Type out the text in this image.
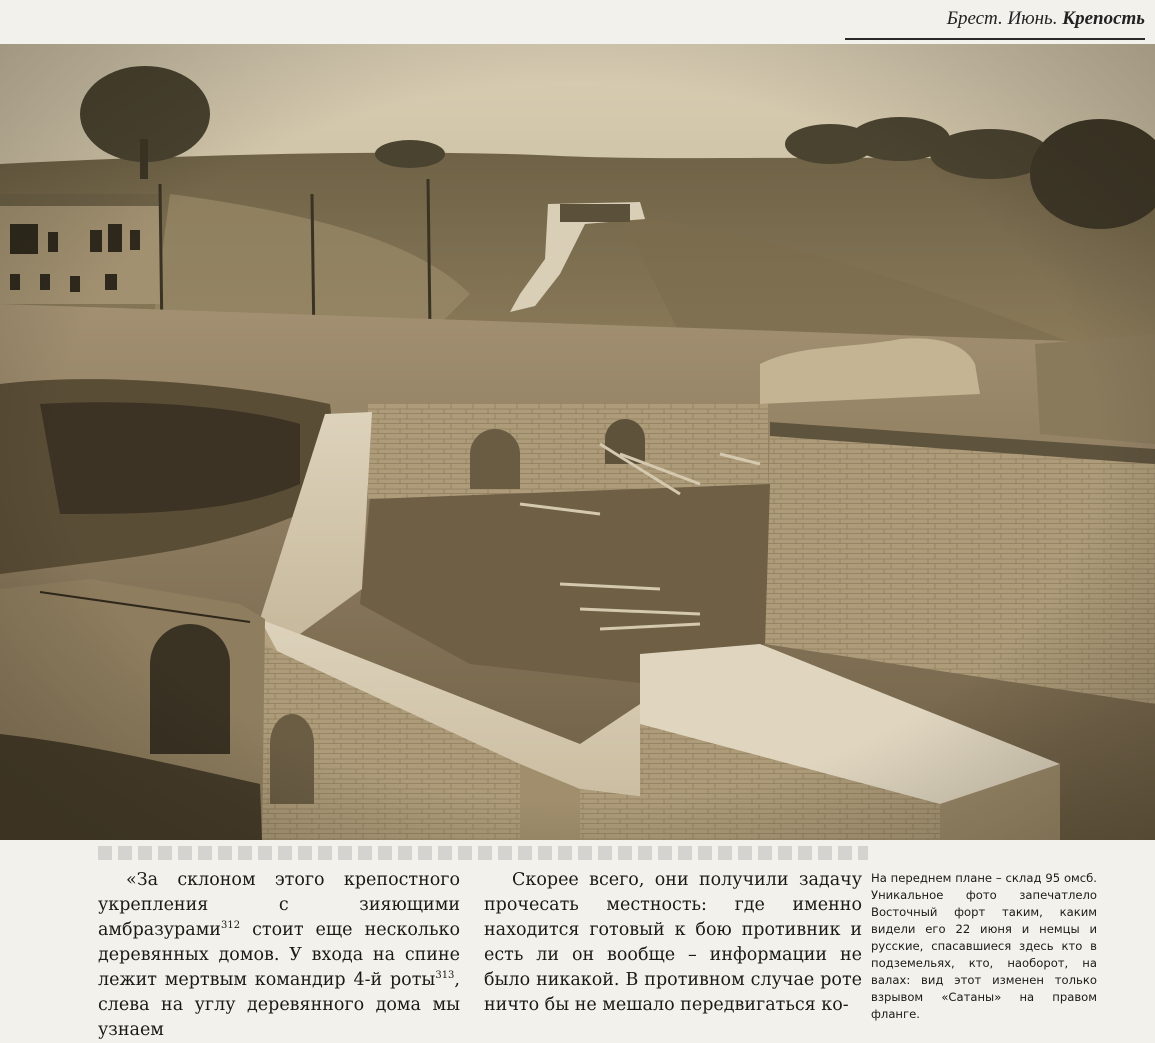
Брест. Июнь. Крепость

«За склоном этого крепостного укрепления с зияющими амбразурами$^{312}$ стоит еще несколько деревянных домов. У входа на спине лежит мертвым командир 4-й роты$^{313}$, слева на углу деревянного дома мы узнаем

Скорее всего, они получили задачу прочесать местность: где именно находится готовый к бою противник и есть ли он вообще – информации не было никакой. В противном случае роте ничто бы не мешало передвигаться ко-

На переднем плане – склад 95 омсб. Уникальное фото запечатлело Восточный форт таким, каким видели его 22 июня и немцы и русские, спасавшиеся здесь кто в подземельях, кто, наоборот, на валах: вид этот изменен только взрывом «Сатаны» на правом фланге.
